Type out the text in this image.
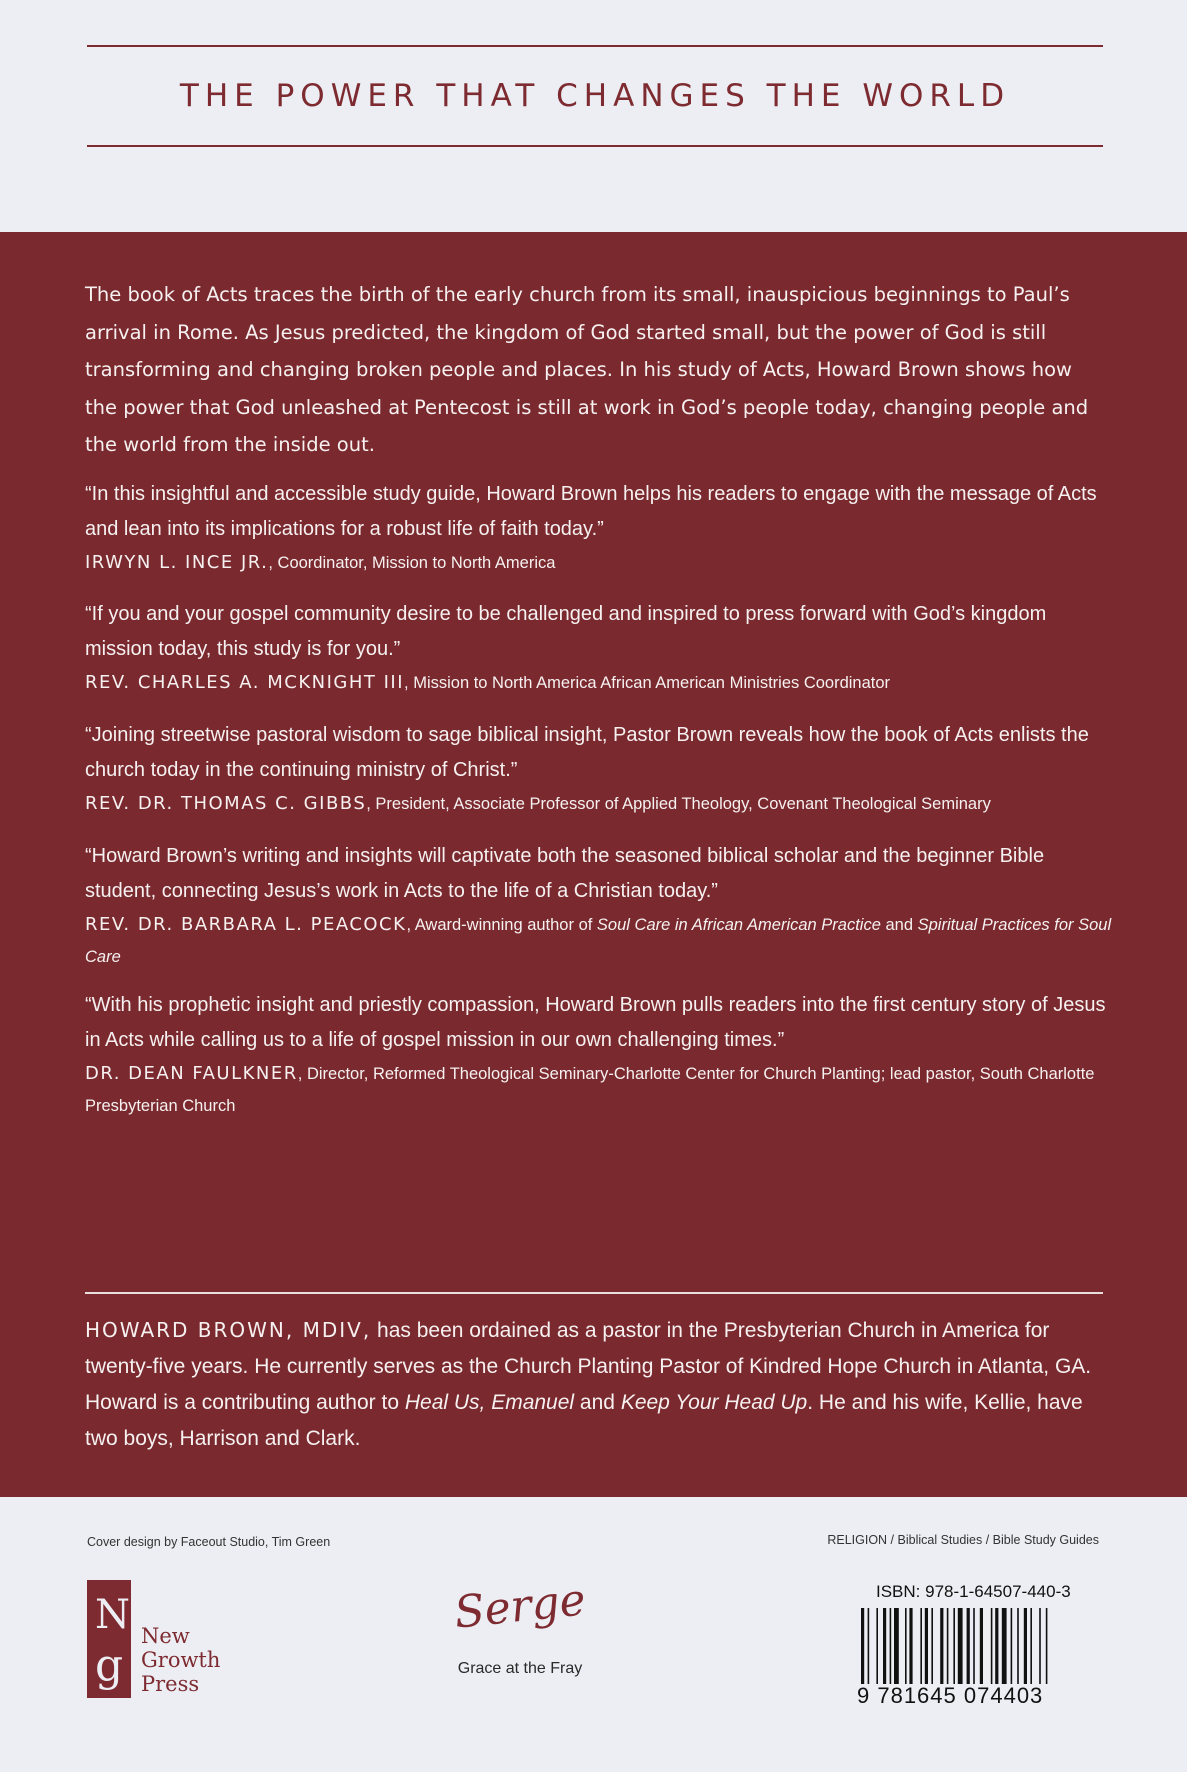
THE POWER THAT CHANGES THE WORLD

The book of Acts traces the birth of the early church from its small, inauspicious beginnings to Paul’s arrival in Rome. As Jesus predicted, the kingdom of God started small, but the power of God is still transforming and changing broken people and places. In his study of Acts, Howard Brown shows how the power that God unleashed at Pentecost is still at work in God’s people today, changing people and the world from the inside out.

“In this insightful and accessible study guide, Howard Brown helps his readers to engage with the message of Acts and lean into its implications for a robust life of faith today.”

IRWYN L. INCE JR., Coordinator, Mission to North America

“If you and your gospel community desire to be challenged and inspired to press forward with God’s kingdom mission today, this study is for you.”

REV. CHARLES A. MCKNIGHT III, Mission to North America African American Ministries Coordinator

“Joining streetwise pastoral wisdom to sage biblical insight, Pastor Brown reveals how the book of Acts enlists the church today in the continuing ministry of Christ.”

REV. DR. THOMAS C. GIBBS, President, Associate Professor of Applied Theology, Covenant Theological Seminary

“Howard Brown’s writing and insights will captivate both the seasoned biblical scholar and the beginner Bible student, connecting Jesus’s work in Acts to the life of a Christian today.”

REV. DR. BARBARA L. PEACOCK, Award-winning author of Soul Care in African American Practice and Spiritual Practices for Soul Care

“With his prophetic insight and priestly compassion, Howard Brown pulls readers into the first century story of Jesus in Acts while calling us to a life of gospel mission in our own challenging times.”

DR. DEAN FAULKNER, Director, Reformed Theological Seminary-Charlotte Center for Church Planting; lead pastor, South Charlotte Presbyterian Church

HOWARD BROWN, MDIV, has been ordained as a pastor in the Presbyterian Church in America for twenty-five years. He currently serves as the Church Planting Pastor of Kindred Hope Church in Atlanta, GA. Howard is a contributing author to Heal Us, Emanuel and Keep Your Head Up. He and his wife, Kellie, have two boys, Harrison and Clark.

Cover design by Faceout Studio, Tim Green	RELIGION / Biblical Studies / Bible Study Guides
N
g
New
Growth
Press
Serge
Grace at the Fray
ISBN: 978-1-64507-440-3
9 781645 074403
